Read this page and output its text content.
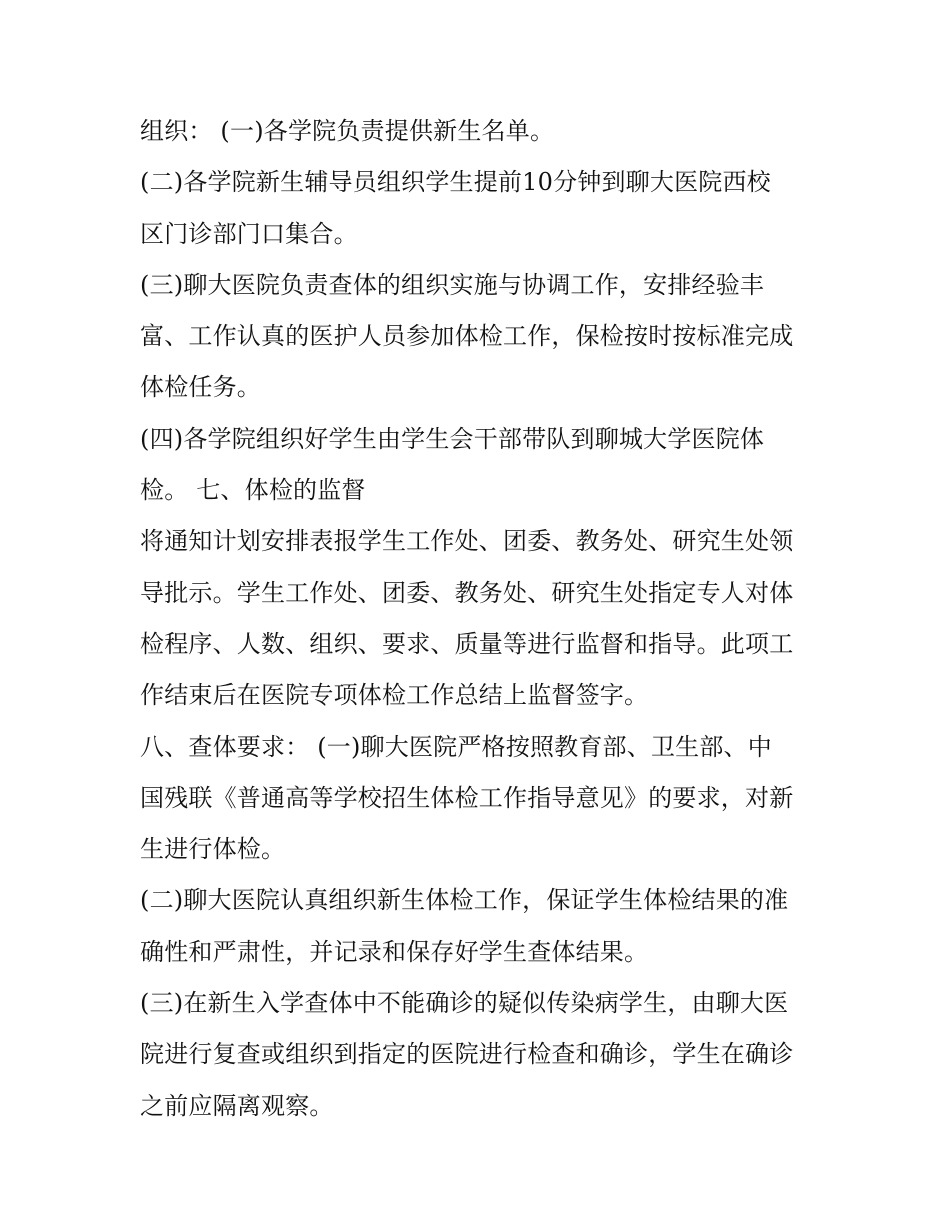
组织： (一)各学院负责提供新生名单。
(二)各学院新生辅导员组织学生提前10分钟到聊大医院西校
区门诊部门口集合。
(三)聊大医院负责查体的组织实施与协调工作，安排经验丰
富、工作认真的医护人员参加体检工作，保检按时按标准完成
体检任务。
(四)各学院组织好学生由学生会干部带队到聊城大学医院体
检。 七、体检的监督
将通知计划安排表报学生工作处、团委、教务处、研究生处领
导批示。学生工作处、团委、教务处、研究生处指定专人对体
检程序、人数、组织、要求、质量等进行监督和指导。此项工
作结束后在医院专项体检工作总结上监督签字。
八、查体要求： (一)聊大医院严格按照教育部、卫生部、中
国残联《普通高等学校招生体检工作指导意见》的要求，对新
生进行体检。
(二)聊大医院认真组织新生体检工作，保证学生体检结果的准
确性和严肃性，并记录和保存好学生查体结果。
(三)在新生入学查体中不能确诊的疑似传染病学生，由聊大医
院进行复查或组织到指定的医院进行检查和确诊，学生在确诊
之前应隔离观察。
